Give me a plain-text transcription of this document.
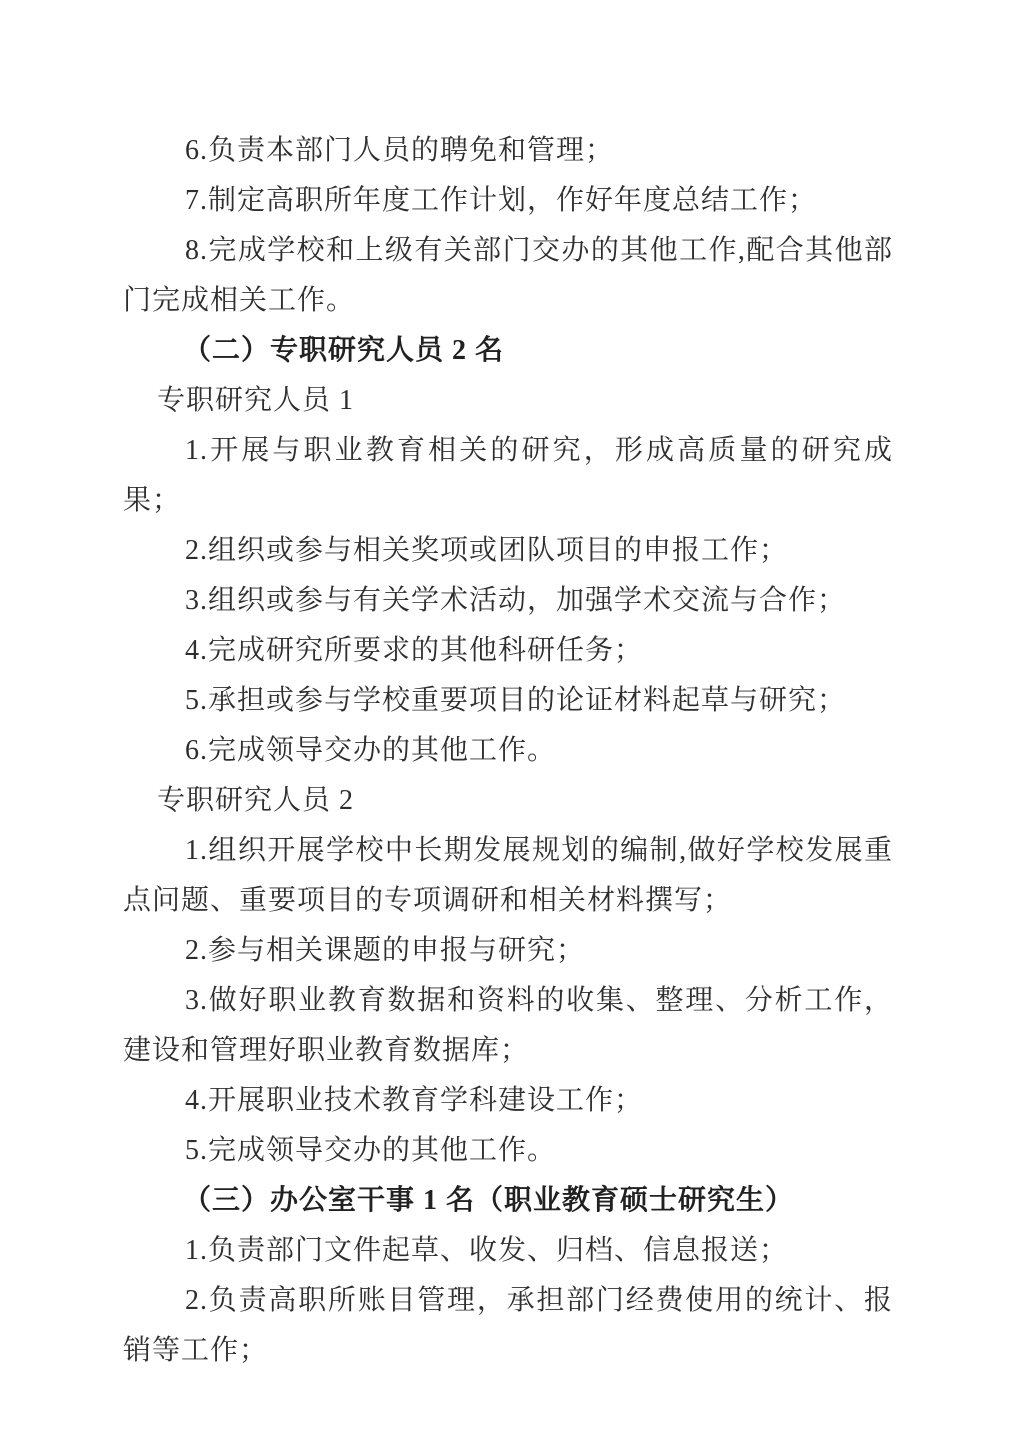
6.负责本部门人员的聘免和管理；

7.制定高职所年度工作计划，作好年度总结工作；

8.完成学校和上级有关部门交办的其他工作,配合其他部门完成相关工作。

（二）专职研究人员 2 名

专职研究人员 1

1.开展与职业教育相关的研究，形成高质量的研究成果；

2.组织或参与相关奖项或团队项目的申报工作；

3.组织或参与有关学术活动，加强学术交流与合作；

4.完成研究所要求的其他科研任务；

5.承担或参与学校重要项目的论证材料起草与研究；

6.完成领导交办的其他工作。

专职研究人员 2

1.组织开展学校中长期发展规划的编制,做好学校发展重点问题、重要项目的专项调研和相关材料撰写；

2.参与相关课题的申报与研究；

3.做好职业教育数据和资料的收集、整理、分析工作，建设和管理好职业教育数据库；

4.开展职业技术教育学科建设工作；

5.完成领导交办的其他工作。

（三）办公室干事 1 名（职业教育硕士研究生）

1.负责部门文件起草、收发、归档、信息报送；

2.负责高职所账目管理，承担部门经费使用的统计、报销等工作；
